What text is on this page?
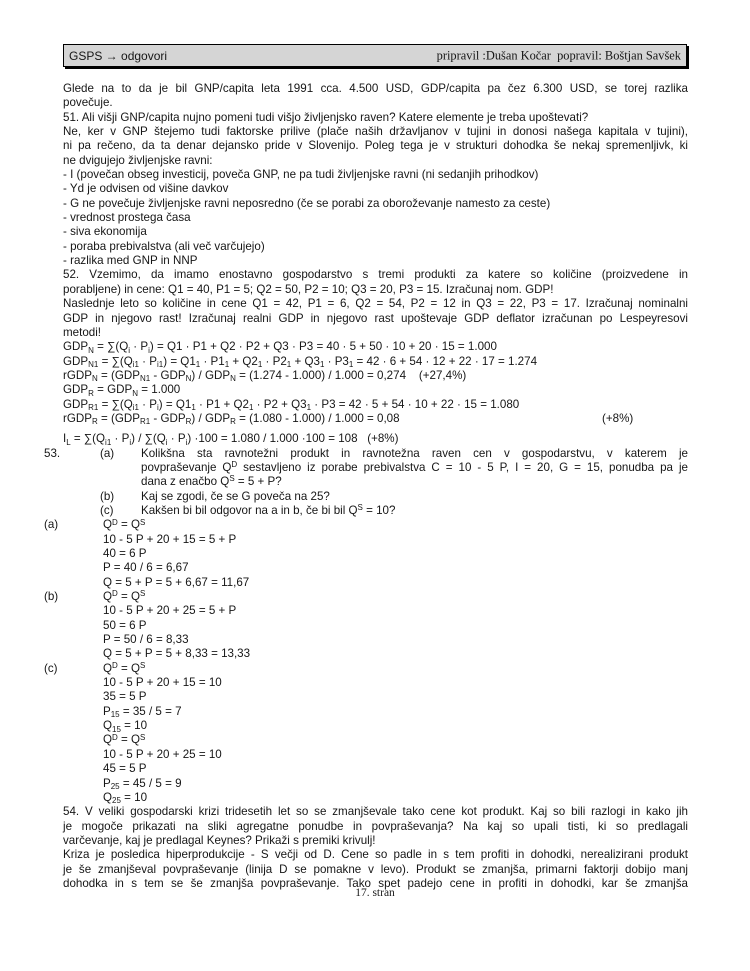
GSPS → odgovori	pripravil :Dušan Kočar  popravil: Boštjan Savšek
Glede na to da je bil GNP/capita leta 1991 cca. 4.500 USD, GDP/capita pa čez 6.300 USD, se torej razlika
povečuje.
51. Ali višji GNP/capita nujno pomeni tudi višjo življenjsko raven? Katere elemente je treba upoštevati?
Ne, ker v GNP štejemo tudi faktorske prilive (plače naših državljanov v tujini in donosi našega kapitala v tujini),
ni pa rečeno, da ta denar dejansko pride v Slovenijo. Poleg tega je v strukturi dohodka še nekaj spremenljivk, ki
ne dvigujejo življenjske ravni:
- I (povečan obseg investicij, poveča GNP, ne pa tudi življenjske ravni (ni sedanjih prihodkov)
- Yd je odvisen od višine davkov
- G ne povečuje življenjske ravni neposredno (če se porabi za oboroževanje namesto za ceste)
- vrednost prostega časa
- siva ekonomija
- poraba prebivalstva (ali več varčujejo)
- razlika med GNP in NNP
52. Vzemimo, da imamo enostavno gospodarstvo s tremi produkti za katere so količine (proizvedene in
porabljene) in cene: Q1 = 40, P1 = 5; Q2 = 50, P2 = 10; Q3 = 20, P3 = 15. Izračunaj nom. GDP!
Naslednje leto so količine in cene Q1 = 42, P1 = 6, Q2 = 54, P2 = 12 in Q3 = 22, P3 = 17. Izračunaj nominalni
GDP in njegovo rast! Izračunaj realni GDP in njegovo rast upoštevaje GDP deflator izračunan po Lespeyresovi
metodi!
$GDP_N = \sum(Q_i \cdot P_i) = Q1 \cdot P1 + Q2 \cdot P2 + Q3 \cdot P3 = 40 \cdot 5 + 50 \cdot 10 + 20 \cdot 15 = 1.000$
$GDP_{N1} = \sum(Q_{i1} \cdot P_{i1}) = Q1_1 \cdot P1_1 + Q2_1 \cdot P2_1 + Q3_1 \cdot P3_1 = 42 \cdot 6 + 54 \cdot 12 + 22 \cdot 17 = 1.274$
rGDP$_N$ = $(GDP_{N1} - GDP_N) / GDP_N = (1.274 - 1.000) / 1.000 = 0,274$    (+27,4%)
$GDP_R = GDP_N = 1.000$
$GDP_{R1} = \sum(Q_{i1} \cdot P_i) = Q1_1 \cdot P1 + Q2_1 \cdot P2 + Q3_1 \cdot P3 = 42 \cdot 5 + 54 \cdot 10 + 22 \cdot 15 = 1.080$
rGDP$_R$ = $(GDP_{R1} - GDP_R) / GDP_R = (1.080 - 1.000) / 1.000 = 0,08$	(+8%)
$I_L = \sum(Q_{i1} \cdot P_i) / \sum(Q_i \cdot P_i) \cdot 100 = 1.080 / 1.000 \cdot 100 = 108$   (+8%)
53.	(a) Kolikšna sta ravnotežni produkt in ravnotežna raven cen v gospodarstvu, v katerem je
povpraševanje $Q^D$ sestavljeno iz porabe prebivalstva C = 10 - 5 P, I = 20, G = 15, ponudba pa je
dana z enačbo $Q^S = 5 + P$?
(b) Kaj se zgodi, če se G poveča na 25?
(c) Kakšen bi bil odgovor na a in b, če bi bil $Q^S = 10$?
(a)	$Q^D = Q^S$
10 - 5 P + 20 + 15 = 5 + P
40 = 6 P
P = 40 / 6 = 6,67
Q = 5 + P = 5 + 6,67 = 11,67
(b)	$Q^D = Q^S$
10 - 5 P + 20 + 25 = 5 + P
50 = 6 P
P = 50 / 6 = 8,33
Q = 5 + P = 5 + 8,33 = 13,33
(c)	$Q^D = Q^S$
10 - 5 P + 20 + 15 = 10
35 = 5 P
$P_{15} = 35 / 5 = 7$
$Q_{15} = 10$
$Q^D = Q^S$
10 - 5 P + 20 + 25 = 10
45 = 5 P
$P_{25} = 45 / 5 = 9$
$Q_{25} = 10$
54. V veliki gospodarski krizi tridesetih let so se zmanjševale tako cene kot produkt. Kaj so bili razlogi in kako jih
je mogoče prikazati na sliki agregatne ponudbe in povpraševanja? Na kaj so upali tisti, ki so predlagali
varčevanje, kaj je predlagal Keynes? Prikaži s premiki krivulj!
Kriza je posledica hiperprodukcije - S večji od D. Cene so padle in s tem profiti in dohodki, nerealizirani produkt
je še zmanjševal povpraševanje (linija D se pomakne v levo). Produkt se zmanjša, primarni faktorji dobijo manj
dohodka in s tem se še zmanjša povpraševanje. Tako spet padejo cene in profiti in dohodki, kar še zmanjša
17. stran
